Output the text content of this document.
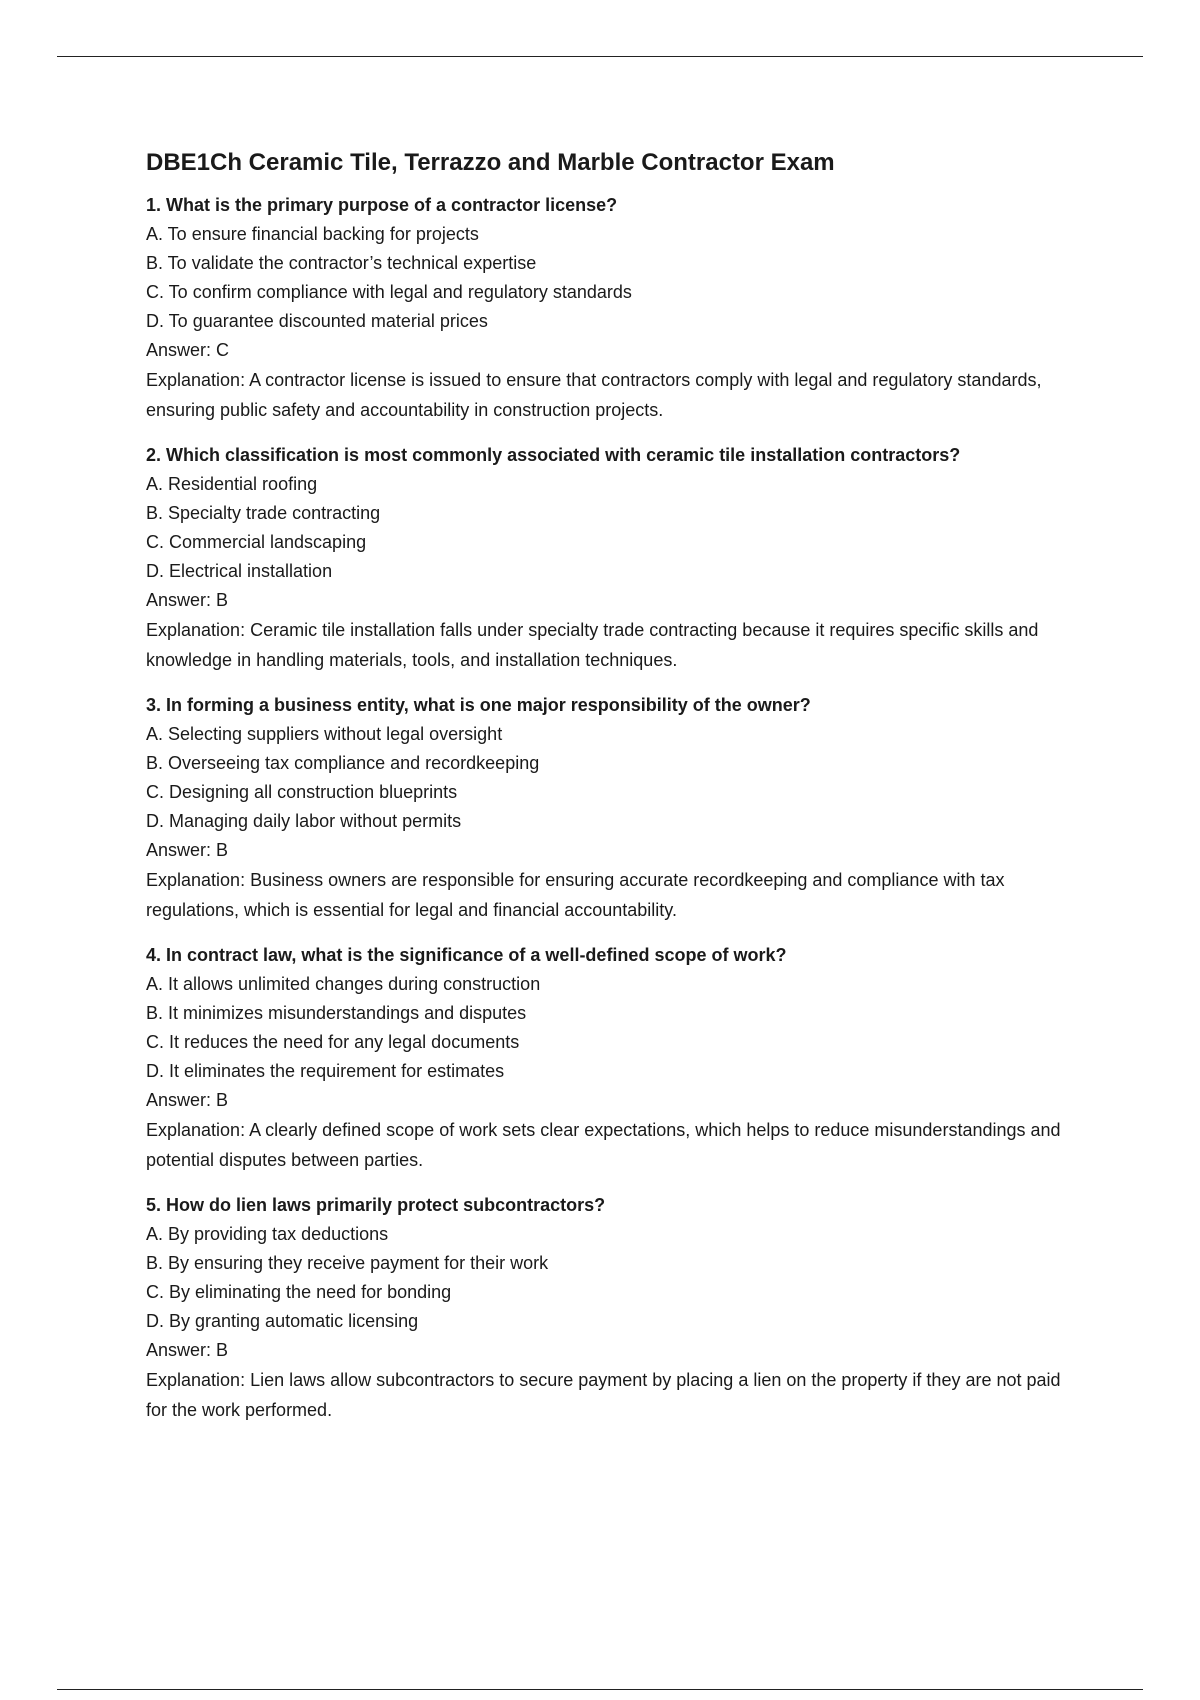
DBE1Ch Ceramic Tile, Terrazzo and Marble Contractor Exam

1. What is the primary purpose of a contractor license?

A. To ensure financial backing for projects

B. To validate the contractor’s technical expertise

C. To confirm compliance with legal and regulatory standards

D. To guarantee discounted material prices

Answer: C

Explanation: A contractor license is issued to ensure that contractors comply with legal and regulatory standards, ensuring public safety and accountability in construction projects.

2. Which classification is most commonly associated with ceramic tile installation contractors?

A. Residential roofing

B. Specialty trade contracting

C. Commercial landscaping

D. Electrical installation

Answer: B

Explanation: Ceramic tile installation falls under specialty trade contracting because it requires specific skills and knowledge in handling materials, tools, and installation techniques.

3. In forming a business entity, what is one major responsibility of the owner?

A. Selecting suppliers without legal oversight

B. Overseeing tax compliance and recordkeeping

C. Designing all construction blueprints

D. Managing daily labor without permits

Answer: B

Explanation: Business owners are responsible for ensuring accurate recordkeeping and compliance with tax regulations, which is essential for legal and financial accountability.

4. In contract law, what is the significance of a well-defined scope of work?

A. It allows unlimited changes during construction

B. It minimizes misunderstandings and disputes

C. It reduces the need for any legal documents

D. It eliminates the requirement for estimates

Answer: B

Explanation: A clearly defined scope of work sets clear expectations, which helps to reduce misunderstandings and potential disputes between parties.

5. How do lien laws primarily protect subcontractors?

A. By providing tax deductions

B. By ensuring they receive payment for their work

C. By eliminating the need for bonding

D. By granting automatic licensing

Answer: B

Explanation: Lien laws allow subcontractors to secure payment by placing a lien on the property if they are not paid for the work performed.
